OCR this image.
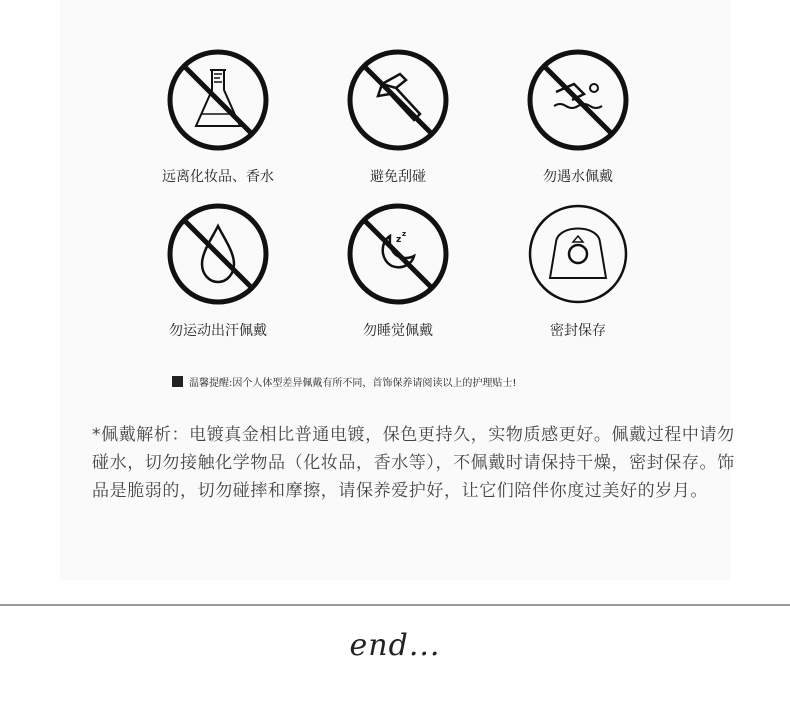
远离化妆品、香水	避免刮碰	勿遇水佩戴
勿运动出汗佩戴
z
z
勿睡觉佩戴	密封保存
温馨提醒:因个人体型差异佩戴有所不同，首饰保养请阅读以上的护理贴士!
*佩戴解析：电镀真金相比普通电镀，保色更持久，实物质感更好。佩戴过程中请勿碰水，切勿接触化学物品（化妆品，香水等），不佩戴时请保持干燥，密封保存。饰品是脆弱的，切勿碰摔和摩擦，请保养爱护好，让它们陪伴你度过美好的岁月。
end...
